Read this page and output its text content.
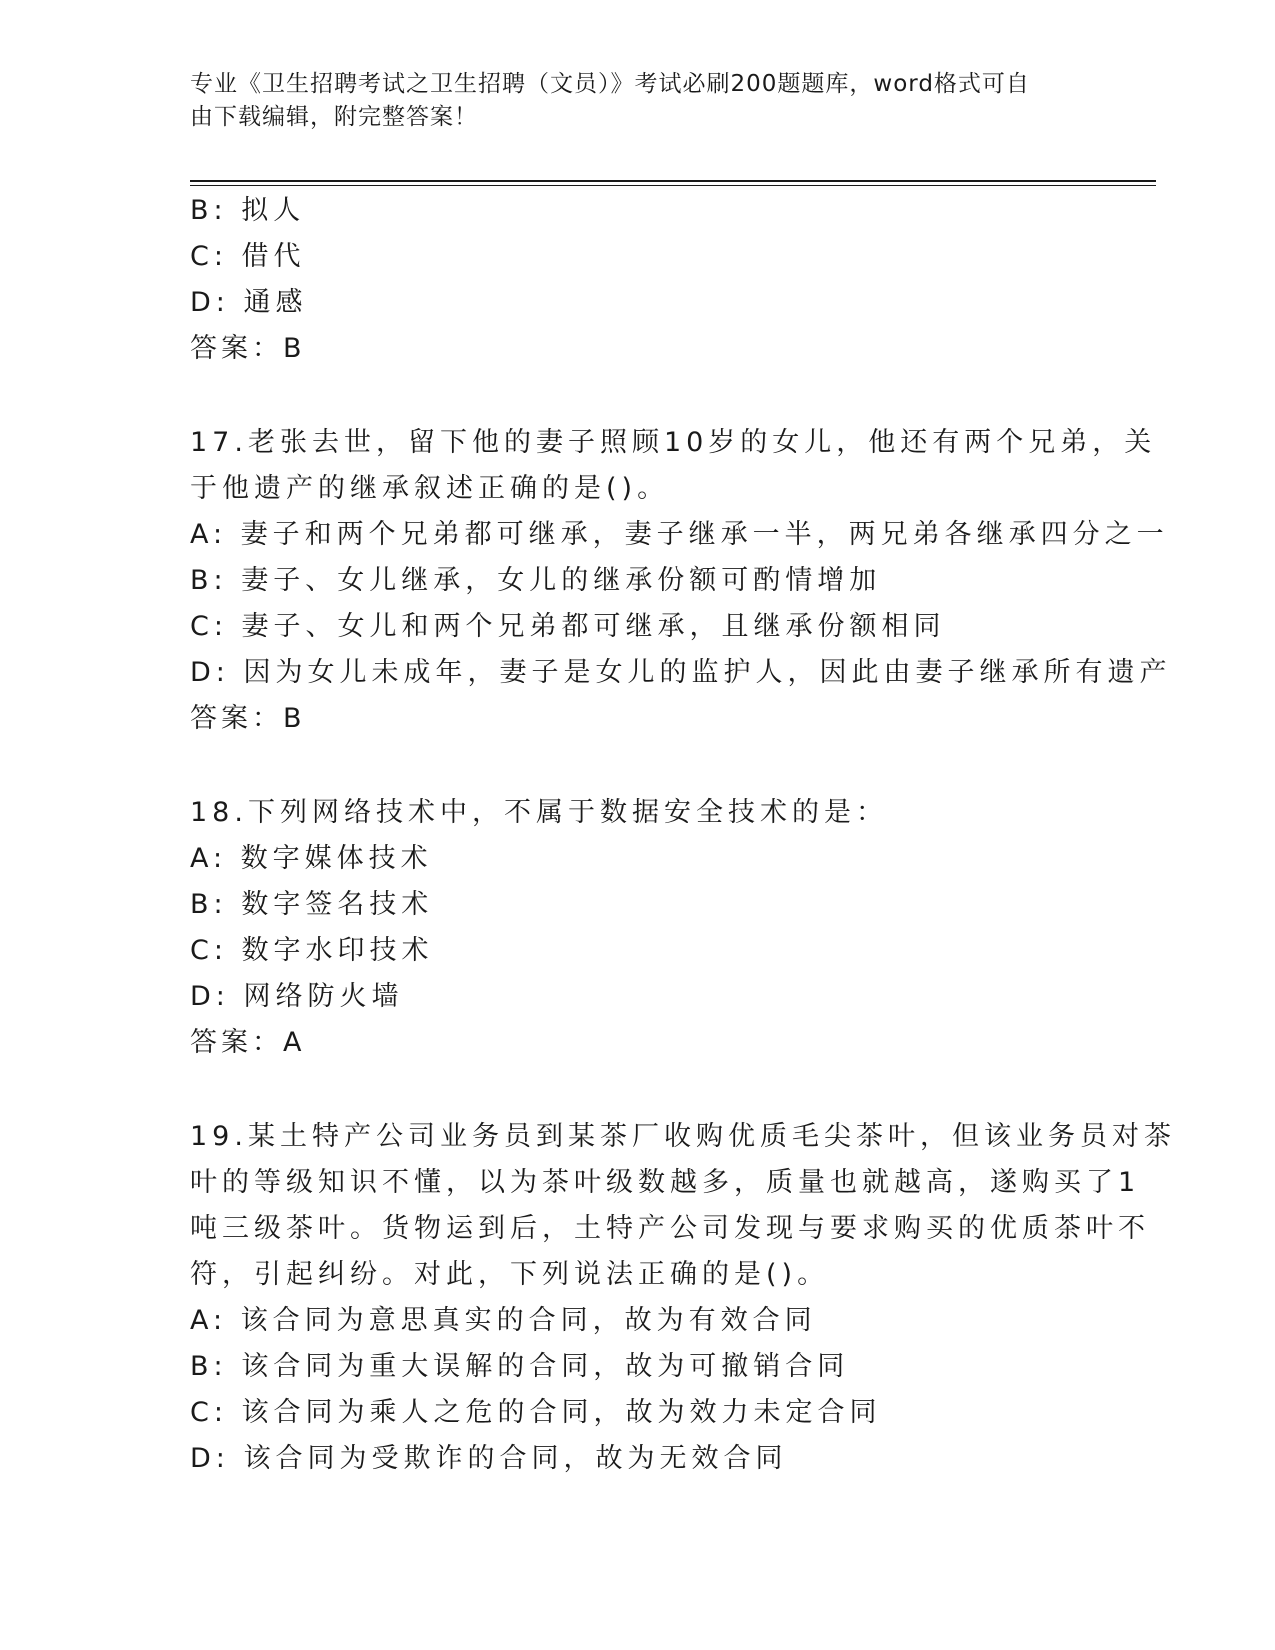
专业《卫生招聘考试之卫生招聘（文员）》考试必刷200题题库，word格式可自
由下载编辑，附完整答案！
B: 拟人
C: 借代
D: 通感
答案：B
17.老张去世，留下他的妻子照顾10岁的女儿，他还有两个兄弟，关
于他遗产的继承叙述正确的是()。
A: 妻子和两个兄弟都可继承，妻子继承一半，两兄弟各继承四分之一
B: 妻子、女儿继承，女儿的继承份额可酌情增加
C: 妻子、女儿和两个兄弟都可继承，且继承份额相同
D: 因为女儿未成年，妻子是女儿的监护人，因此由妻子继承所有遗产
答案：B
18.下列网络技术中，不属于数据安全技术的是：
A: 数字媒体技术
B: 数字签名技术
C: 数字水印技术
D: 网络防火墙
答案：A
19.某土特产公司业务员到某茶厂收购优质毛尖茶叶，但该业务员对茶
叶的等级知识不懂，以为茶叶级数越多，质量也就越高，遂购买了1
吨三级茶叶。货物运到后，土特产公司发现与要求购买的优质茶叶不
符，引起纠纷。对此，下列说法正确的是()。
A: 该合同为意思真实的合同，故为有效合同
B: 该合同为重大误解的合同，故为可撤销合同
C: 该合同为乘人之危的合同，故为效力未定合同
D: 该合同为受欺诈的合同，故为无效合同
